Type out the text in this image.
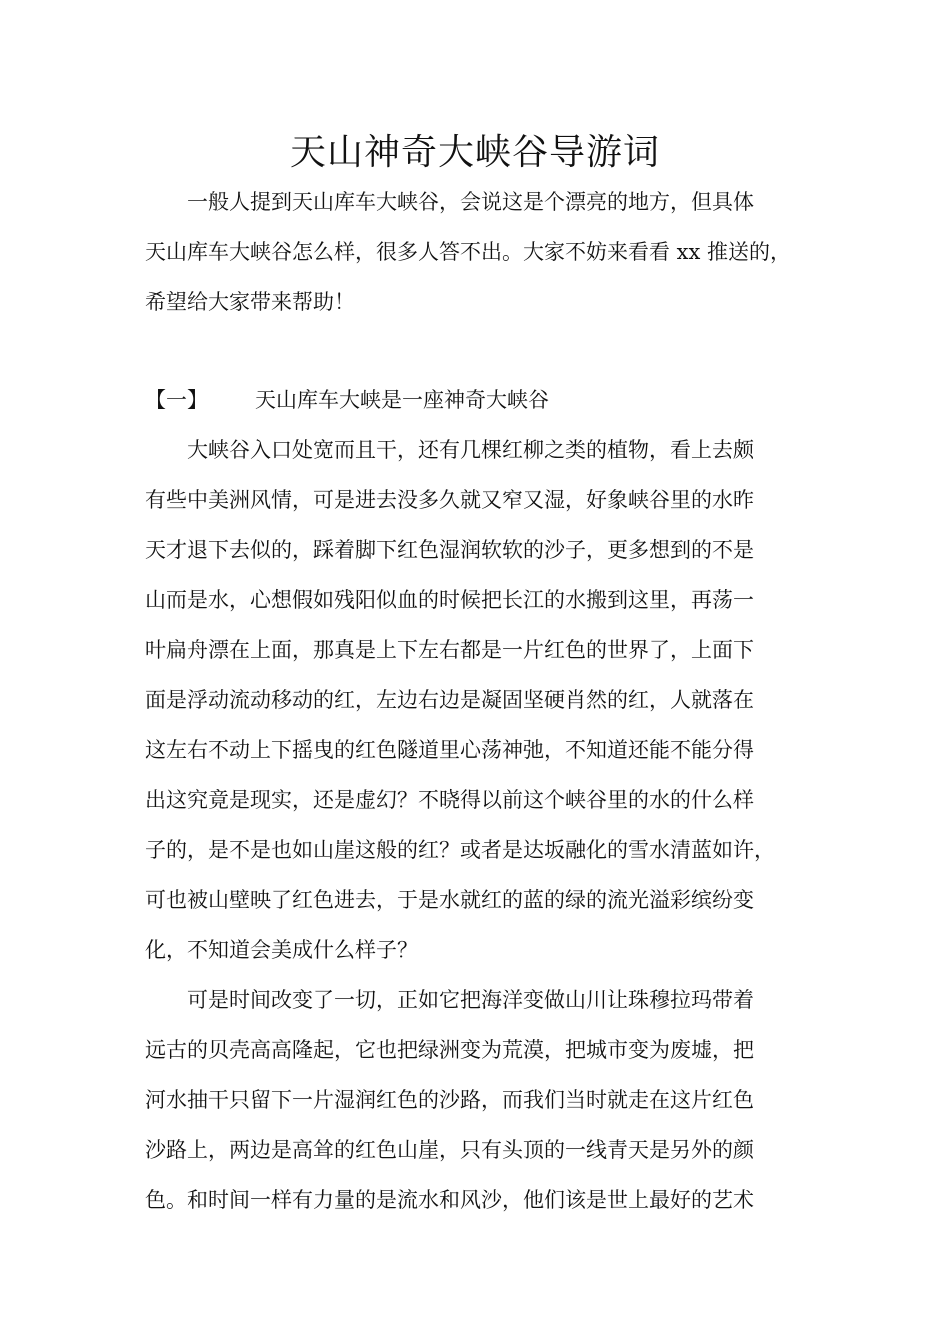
天山神奇大峡谷导游词
　　一般人提到天山库车大峡谷，会说这是个漂亮的地方，但具体
天山库车大峡谷怎么样，很多人答不出。大家不妨来看看 xx 推送的，
希望给大家带来帮助！
【一】 天山库车大峡是一座神奇大峡谷
　　大峡谷入口处宽而且干，还有几棵红柳之类的植物，看上去颇
有些中美洲风情，可是进去没多久就又窄又湿，好象峡谷里的水昨
天才退下去似的，踩着脚下红色湿润软软的沙子，更多想到的不是
山而是水，心想假如残阳似血的时候把长江的水搬到这里，再荡一
叶扁舟漂在上面，那真是上下左右都是一片红色的世界了，上面下
面是浮动流动移动的红，左边右边是凝固坚硬肖然的红，人就落在
这左右不动上下摇曳的红色隧道里心荡神弛，不知道还能不能分得
出这究竟是现实，还是虚幻？不晓得以前这个峡谷里的水的什么样
子的，是不是也如山崖这般的红？或者是达坂融化的雪水清蓝如许，
可也被山壁映了红色进去，于是水就红的蓝的绿的流光溢彩缤纷变
化，不知道会美成什么样子？
　　可是时间改变了一切，正如它把海洋变做山川让珠穆拉玛带着
远古的贝壳高高隆起，它也把绿洲变为荒漠，把城市变为废墟，把
河水抽干只留下一片湿润红色的沙路，而我们当时就走在这片红色
沙路上，两边是高耸的红色山崖，只有头顶的一线青天是另外的颜
色。和时间一样有力量的是流水和风沙，他们该是世上最好的艺术
